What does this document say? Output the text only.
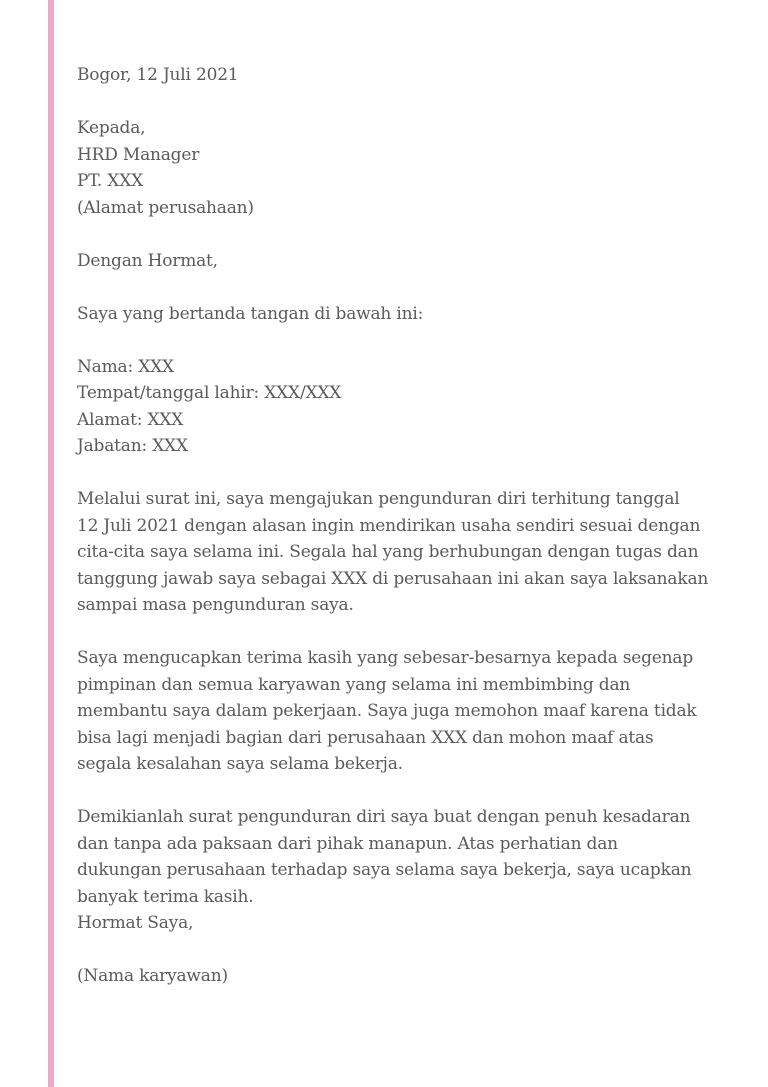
Bogor, 12 Juli 2021
Kepada,
HRD Manager
PT. XXX
(Alamat perusahaan)
Dengan Hormat,
Saya yang bertanda tangan di bawah ini:
Nama: XXX
Tempat/tanggal lahir: XXX/XXX
Alamat: XXX
Jabatan: XXX
Melalui surat ini, saya mengajukan pengunduran diri terhitung tanggal
12 Juli 2021 dengan alasan ingin mendirikan usaha sendiri sesuai dengan
cita-cita saya selama ini. Segala hal yang berhubungan dengan tugas dan
tanggung jawab saya sebagai XXX di perusahaan ini akan saya laksanakan
sampai masa pengunduran saya.
Saya mengucapkan terima kasih yang sebesar-besarnya kepada segenap
pimpinan dan semua karyawan yang selama ini membimbing dan
membantu saya dalam pekerjaan. Saya juga memohon maaf karena tidak
bisa lagi menjadi bagian dari perusahaan XXX dan mohon maaf atas
segala kesalahan saya selama bekerja.
Demikianlah surat pengunduran diri saya buat dengan penuh kesadaran
dan tanpa ada paksaan dari pihak manapun. Atas perhatian dan
dukungan perusahaan terhadap saya selama saya bekerja, saya ucapkan
banyak terima kasih.
Hormat Saya,
(Nama karyawan)
